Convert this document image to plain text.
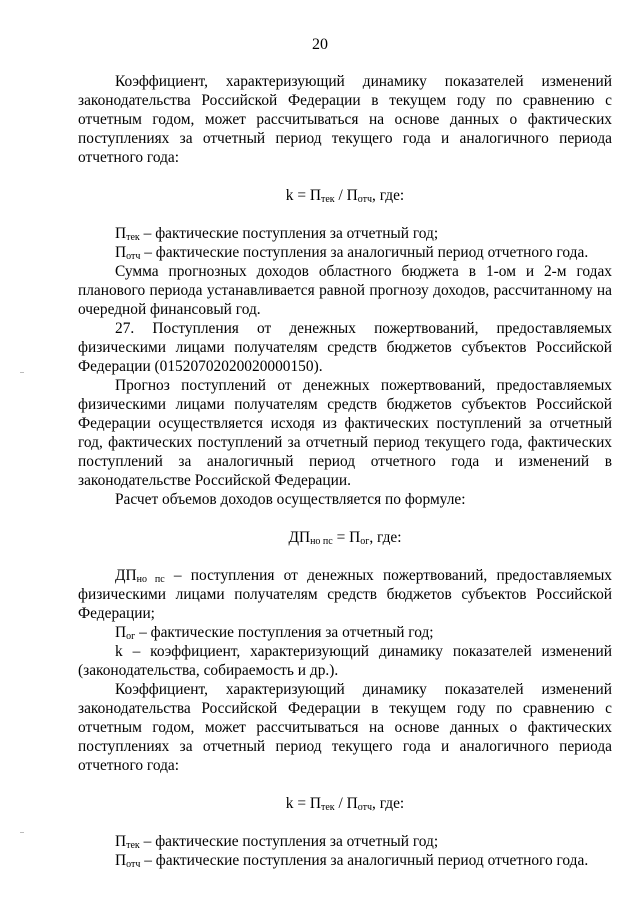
20

Коэффициент, характеризующий динамику показателей изменений законодательства Российской Федерации в текущем году по сравнению с отчетным годом, может рассчитываться на основе данных о фактических поступлениях за отчетный период текущего года и аналогичного периода отчетного года:

$k = П_{тек} / П_{отч}$, где:

$П_{тек}$ – фактические поступления за отчетный год;

$П_{отч}$ – фактические поступления за аналогичный период отчетного года.

Сумма прогнозных доходов областного бюджета в 1-ом и 2-м годах планового периода устанавливается равной прогнозу доходов, рассчитанному на очередной финансовый год.

27. Поступления от денежных пожертвований, предоставляемых физическими лицами получателям средств бюджетов субъектов Российской Федерации (01520702020020000150).

Прогноз поступлений от денежных пожертвований, предоставляемых физическими лицами получателям средств бюджетов субъектов Российской Федерации осуществляется исходя из фактических поступлений за отчетный год, фактических поступлений за отчетный период текущего года, фактических поступлений за аналогичный период отчетного года и изменений в законодательстве Российской Федерации.

Расчет объемов доходов осуществляется по формуле:

$ДП_{но пс} = П_{ог}$, где:

$ДП_{но пс}$ – поступления от денежных пожертвований, предоставляемых физическими лицами получателям средств бюджетов субъектов Российской Федерации;

$П_{ог}$ – фактические поступления за отчетный год;

k – коэффициент, характеризующий динамику показателей изменений (законодательства, собираемость и др.).

Коэффициент, характеризующий динамику показателей изменений законодательства Российской Федерации в текущем году по сравнению с отчетным годом, может рассчитываться на основе данных о фактических поступлениях за отчетный период текущего года и аналогичного периода отчетного года:

$k = П_{тек} / П_{отч}$, где:

$П_{тек}$ – фактические поступления за отчетный год;

$П_{отч}$ – фактические поступления за аналогичный период отчетного года.
